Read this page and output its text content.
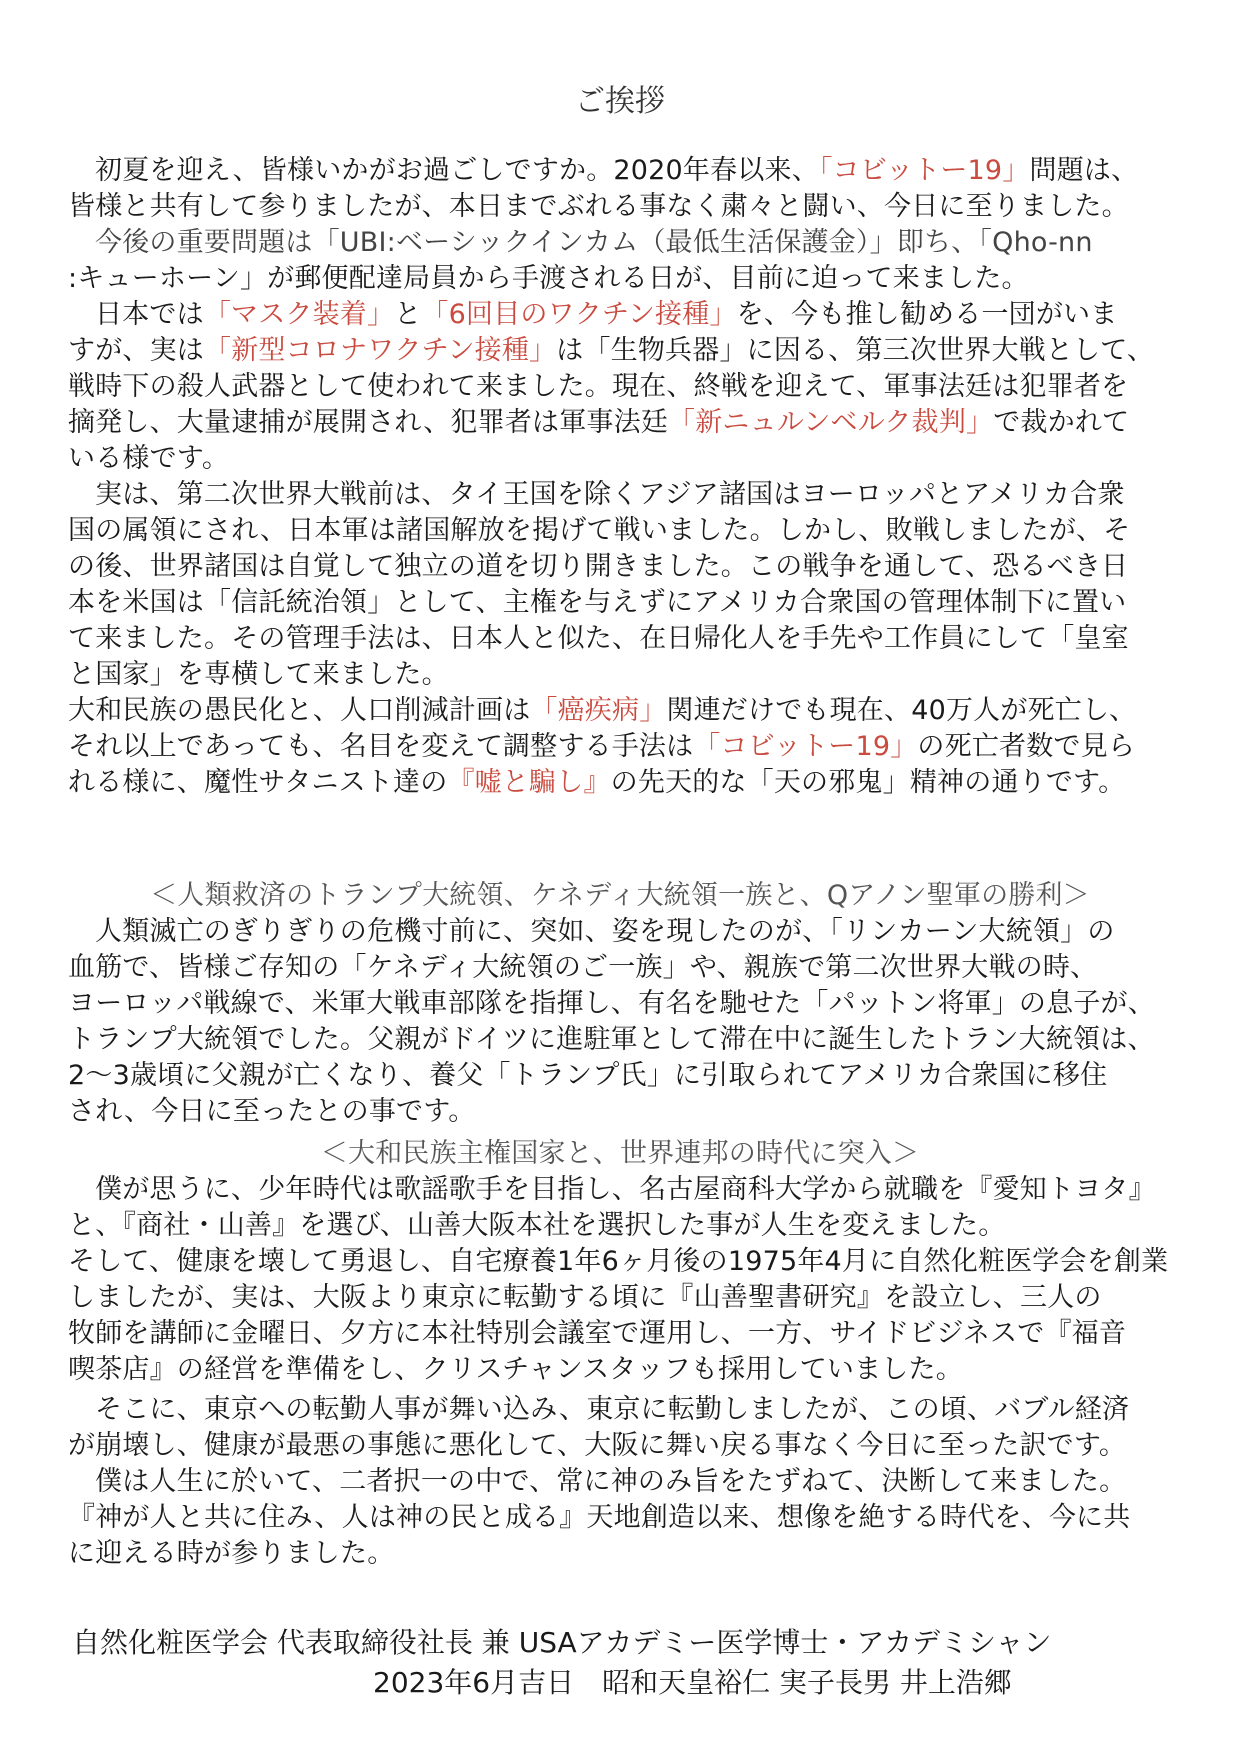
ご挨拶
初夏を迎え、皆様いかがお過ごしですか。2020年春以来、「コビットー19」問題は、
皆様と共有して参りましたが、本日までぶれる事なく粛々と闘い、今日に至りました。
今後の重要問題は「UBI:ベーシックインカム（最低生活保護金）」即ち、「Qho-nn
:キューホーン」が郵便配達局員から手渡される日が、目前に迫って来ました。
日本では「マスク装着」と「6回目のワクチン接種」を、今も推し勧める一団がいま
すが、実は「新型コロナワクチン接種」は「生物兵器」に因る、第三次世界大戦として、
戦時下の殺人武器として使われて来ました。現在、終戦を迎えて、軍事法廷は犯罪者を
摘発し、大量逮捕が展開され、犯罪者は軍事法廷「新ニュルンベルク裁判」で裁かれて
いる様です。
実は、第二次世界大戦前は、タイ王国を除くアジア諸国はヨーロッパとアメリカ合衆
国の属領にされ、日本軍は諸国解放を掲げて戦いました。しかし、敗戦しましたが、そ
の後、世界諸国は自覚して独立の道を切り開きました。この戦争を通して、恐るべき日
本を米国は「信託統治領」として、主権を与えずにアメリカ合衆国の管理体制下に置い
て来ました。その管理手法は、日本人と似た、在日帰化人を手先や工作員にして「皇室
と国家」を専横して来ました。
大和民族の愚民化と、人口削減計画は「癌疾病」関連だけでも現在、40万人が死亡し、
それ以上であっても、名目を変えて調整する手法は「コビットー19」の死亡者数で見ら
れる様に、魔性サタニスト達の『嘘と騙し』の先天的な「天の邪鬼」精神の通りです。
＜人類救済のトランプ大統領、ケネディ大統領一族と、Qアノン聖軍の勝利＞
人類滅亡のぎりぎりの危機寸前に、突如、姿を現したのが、「リンカーン大統領」の
血筋で、皆様ご存知の「ケネディ大統領のご一族」や、親族で第二次世界大戦の時、
ヨーロッパ戦線で、米軍大戦車部隊を指揮し、有名を馳せた「パットン将軍」の息子が、
トランプ大統領でした。父親がドイツに進駐軍として滞在中に誕生したトラン大統領は、
2～3歳頃に父親が亡くなり、養父「トランプ氏」に引取られてアメリカ合衆国に移住
され、今日に至ったとの事です。
＜大和民族主権国家と、世界連邦の時代に突入＞
僕が思うに、少年時代は歌謡歌手を目指し、名古屋商科大学から就職を『愛知トヨタ』
と、『商社・山善』を選び、山善大阪本社を選択した事が人生を変えました。
そして、健康を壊して勇退し、自宅療養1年6ヶ月後の1975年4月に自然化粧医学会を創業
しましたが、実は、大阪より東京に転勤する頃に『山善聖書研究』を設立し、三人の
牧師を講師に金曜日、夕方に本社特別会議室で運用し、一方、サイドビジネスで『福音
喫茶店』の経営を準備をし、クリスチャンスタッフも採用していました。
そこに、東京への転勤人事が舞い込み、東京に転勤しましたが、この頃、バブル経済
が崩壊し、健康が最悪の事態に悪化して、大阪に舞い戻る事なく今日に至った訳です。
僕は人生に於いて、二者択一の中で、常に神のみ旨をたずねて、決断して来ました。
『神が人と共に住み、人は神の民と成る』天地創造以来、想像を絶する時代を、今に共
に迎える時が参りました。
自然化粧医学会 代表取締役社長 兼 USAアカデミー医学博士・アカデミシャン
2023年6月吉日　昭和天皇裕仁 実子長男 井上浩郷
